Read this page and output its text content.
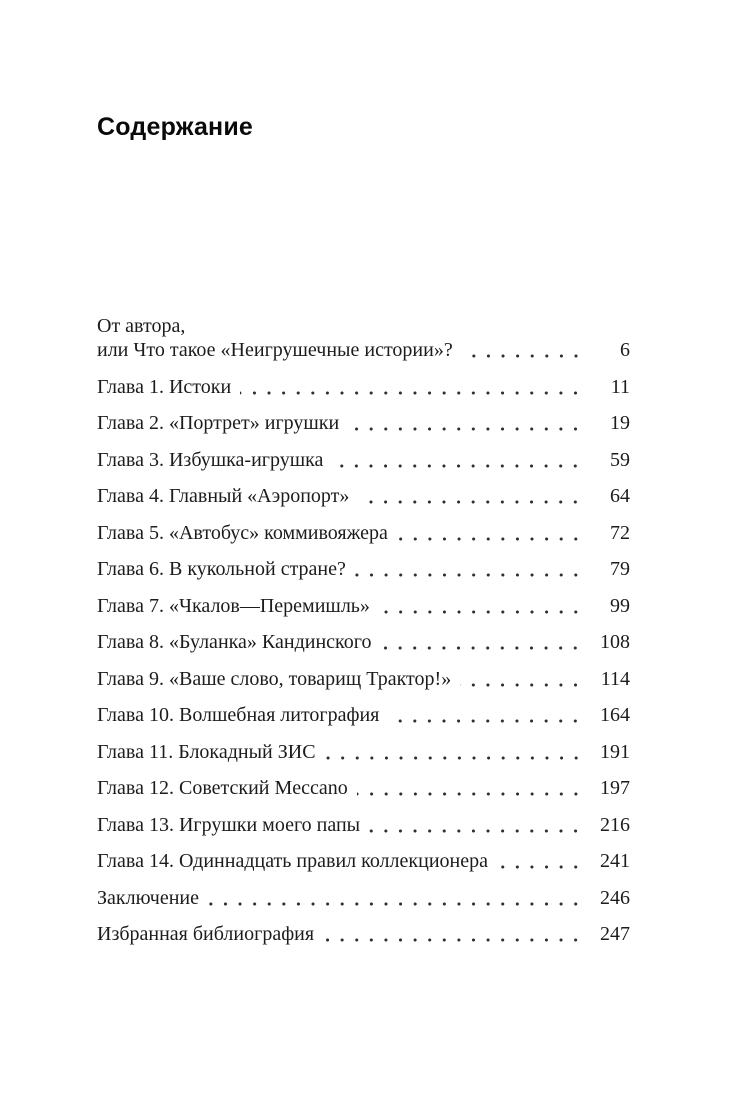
Содержание
От автора,
или Что такое «Неигрушечные истории»?	6
Глава 1. Истоки	11
Глава 2. «Портрет» игрушки	19
Глава 3. Избушка-игрушка	59
Глава 4. Главный «Аэропорт»	64
Глава 5. «Автобус» коммивояжера	72
Глава 6. В кукольной стране?	79
Глава 7. «Чкалов—Перемишль»	99
Глава 8. «Буланка» Кандинского	108
Глава 9. «Ваше слово, товарищ Трактор!»	114
Глава 10. Волшебная литография	164
Глава 11. Блокадный ЗИС	191
Глава 12. Советский Meccano	197
Глава 13. Игрушки моего папы	216
Глава 14. Одиннадцать правил коллекционера	241
Заключение	246
Избранная библиография	247
